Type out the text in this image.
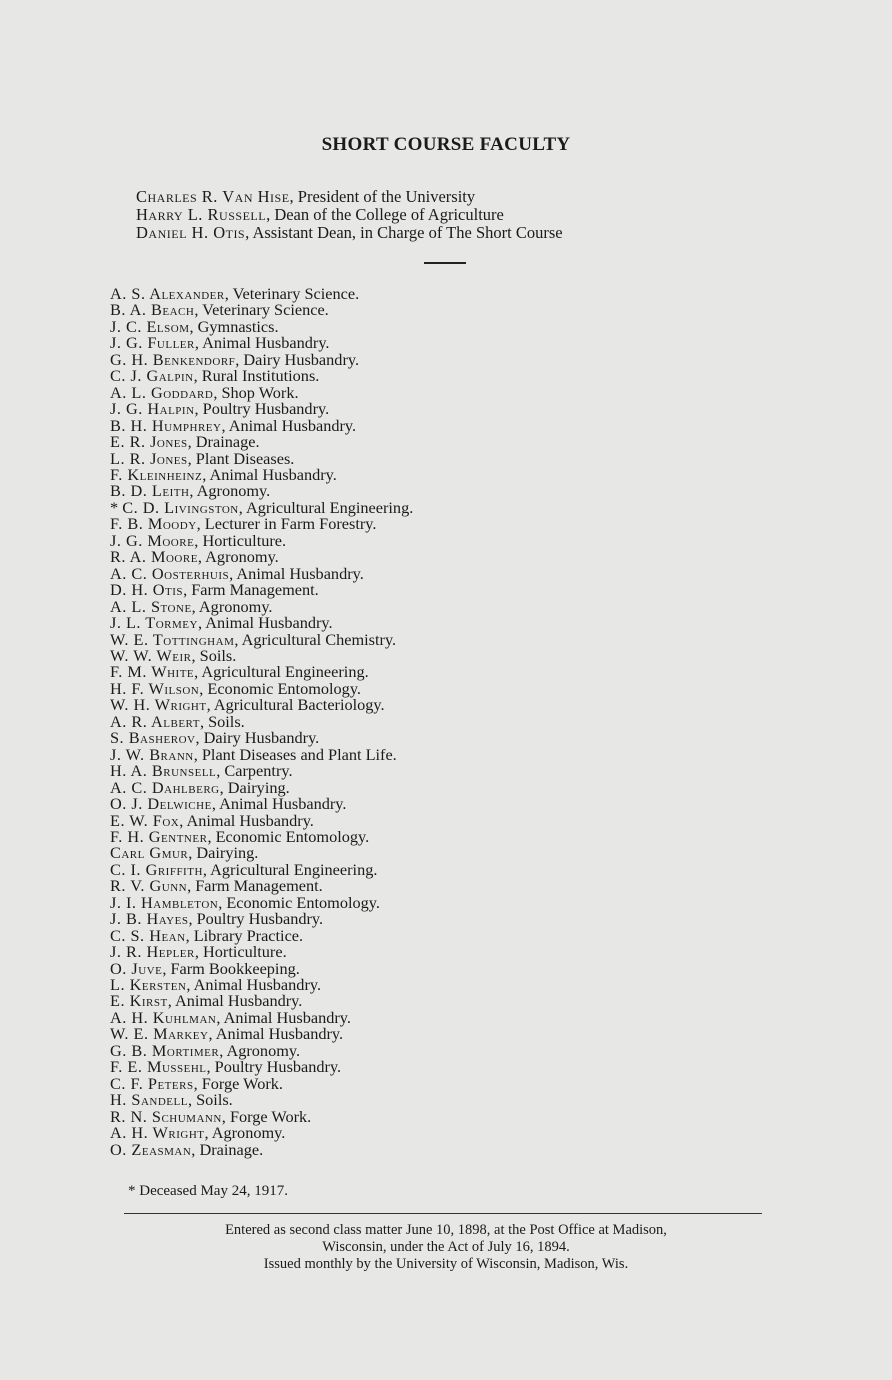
SHORT COURSE FACULTY
Charles R. Van Hise, President of the University
Harry L. Russell, Dean of the College of Agriculture
Daniel H. Otis, Assistant Dean, in Charge of The Short Course
A. S. Alexander, Veterinary Science.
B. A. Beach, Veterinary Science.
J. C. Elsom, Gymnastics.
J. G. Fuller, Animal Husbandry.
G. H. Benkendorf, Dairy Husbandry.
C. J. Galpin, Rural Institutions.
A. L. Goddard, Shop Work.
J. G. Halpin, Poultry Husbandry.
B. H. Humphrey, Animal Husbandry.
E. R. Jones, Drainage.
L. R. Jones, Plant Diseases.
F. Kleinheinz, Animal Husbandry.
B. D. Leith, Agronomy.
* C. D. Livingston, Agricultural Engineering.
F. B. Moody, Lecturer in Farm Forestry.
J. G. Moore, Horticulture.
R. A. Moore, Agronomy.
A. C. Oosterhuis, Animal Husbandry.
D. H. Otis, Farm Management.
A. L. Stone, Agronomy.
J. L. Tormey, Animal Husbandry.
W. E. Tottingham, Agricultural Chemistry.
W. W. Weir, Soils.
F. M. White, Agricultural Engineering.
H. F. Wilson, Economic Entomology.
W. H. Wright, Agricultural Bacteriology.
A. R. Albert, Soils.
S. Basherov, Dairy Husbandry.
J. W. Brann, Plant Diseases and Plant Life.
H. A. Brunsell, Carpentry.
A. C. Dahlberg, Dairying.
O. J. Delwiche, Animal Husbandry.
E. W. Fox, Animal Husbandry.
F. H. Gentner, Economic Entomology.
Carl Gmur, Dairying.
C. I. Griffith, Agricultural Engineering.
R. V. Gunn, Farm Management.
J. I. Hambleton, Economic Entomology.
J. B. Hayes, Poultry Husbandry.
C. S. Hean, Library Practice.
J. R. Hepler, Horticulture.
O. Juve, Farm Bookkeeping.
L. Kersten, Animal Husbandry.
E. Kirst, Animal Husbandry.
A. H. Kuhlman, Animal Husbandry.
W. E. Markey, Animal Husbandry.
G. B. Mortimer, Agronomy.
F. E. Mussehl, Poultry Husbandry.
C. F. Peters, Forge Work.
H. Sandell, Soils.
R. N. Schumann, Forge Work.
A. H. Wright, Agronomy.
O. Zeasman, Drainage.
* Deceased May 24, 1917.
Entered as second class matter June 10, 1898, at the Post Office at Madison,
Wisconsin, under the Act of July 16, 1894.
Issued monthly by the University of Wisconsin, Madison, Wis.
